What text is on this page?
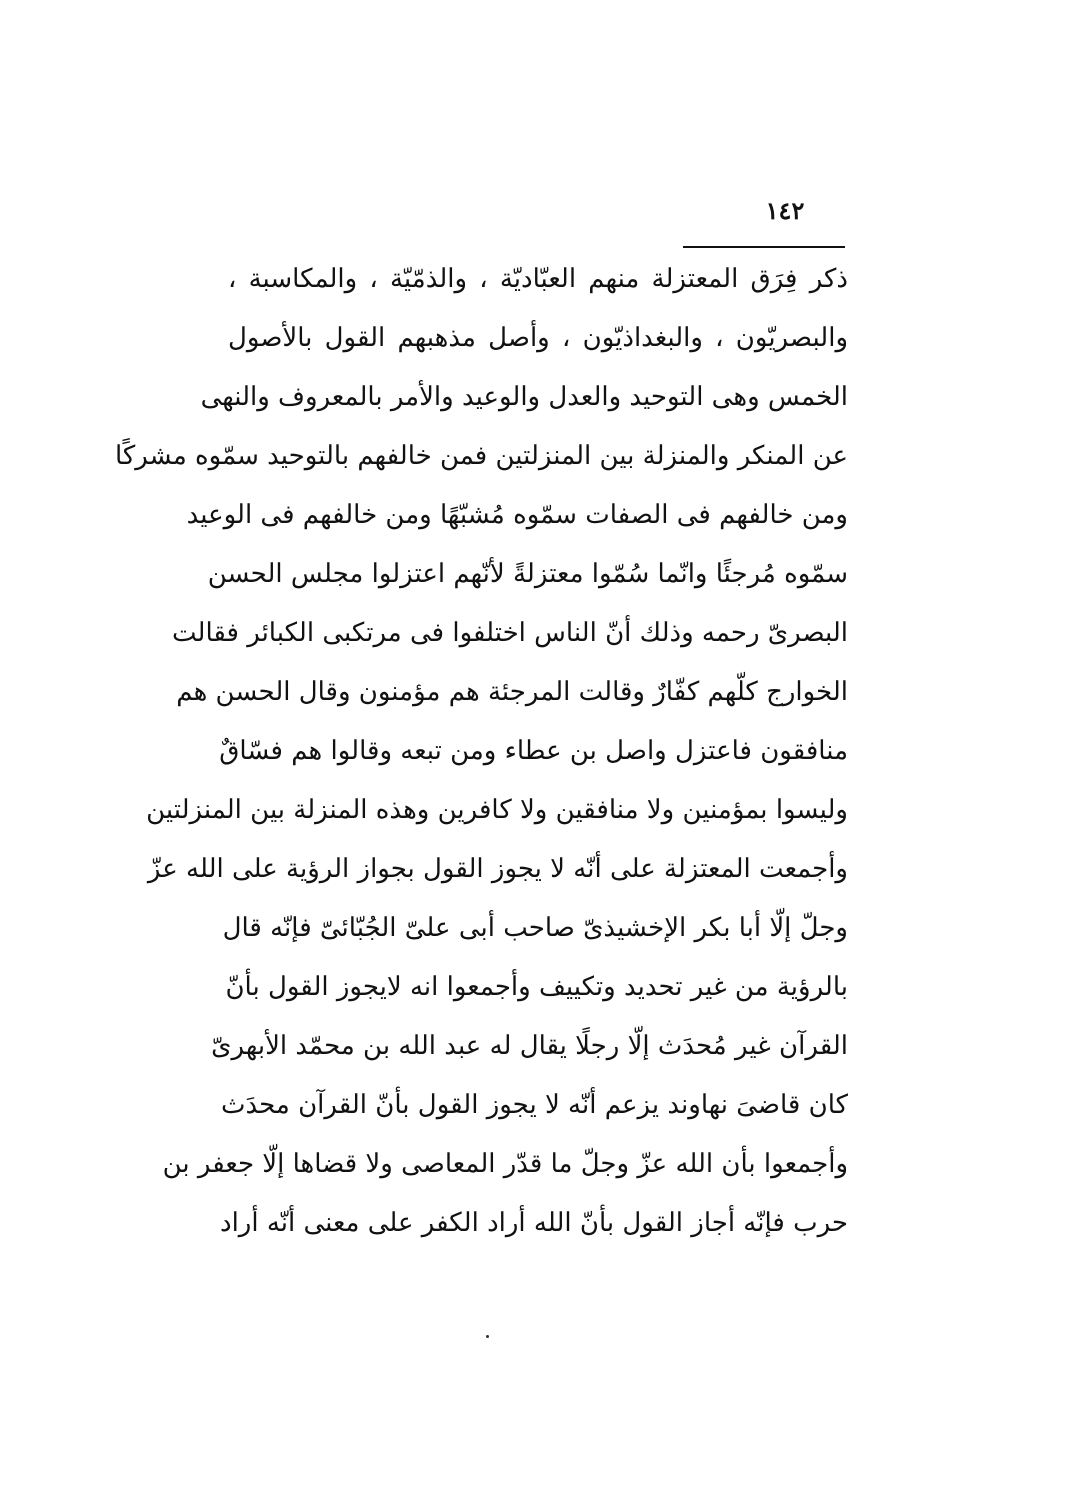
١٤٢
ذكر فِرَق المعتزلة منهم العبّاديّة ، والذمّيّة ، والمكاسبة ،
والبصريّون ، والبغداذيّون ، وأصل مذهبهم القول بالأصول
الخمس وهى التوحيد والعدل والوعيد والأمر بالمعروف والنهى
عن المنكر والمنزلة بين المنزلتين فمن خالفهم بالتوحيد سمّوه مشركًا
ومن خالفهم فى الصفات سمّوه مُشبّهًا ومن خالفهم فى الوعيد
سمّوه مُرجئًا وانّما سُمّوا معتزلةً لأنّهم اعتزلوا مجلس الحسن
البصرىّ رحمه وذلك أنّ الناس اختلفوا فى مرتكبى الكبائر فقالت
الخوارج كلّهم كفّارٌ وقالت المرجئة هم مؤمنون وقال الحسن هم
منافقون فاعتزل واصل بن عطاء ومن تبعه وقالوا هم فسّاقٌ
وليسوا بمؤمنين ولا منافقين ولا كافرين وهذه المنزلة بين المنزلتين
وأجمعت المعتزلة على أنّه لا يجوز القول بجواز الرؤية على الله عزّ
وجلّ إلّا أبا بكر الإخشيذىّ صاحب أبى علىّ الجُبّائىّ فإنّه قال
بالرؤية من غير تحديد وتكييف وأجمعوا انه لايجوز القول بأنّ
القرآن غير مُحدَث إلّا رجلًا يقال له عبد الله بن محمّد الأبهرىّ
كان قاضىَ نهاوند يزعم أنّه لا يجوز القول بأنّ القرآن محدَث
وأجمعوا بأن الله عزّ وجلّ ما قدّر المعاصى ولا قضاها إلّا جعفر بن
حرب فإنّه أجاز القول بأنّ الله أراد الكفر على معنى أنّه أراد
